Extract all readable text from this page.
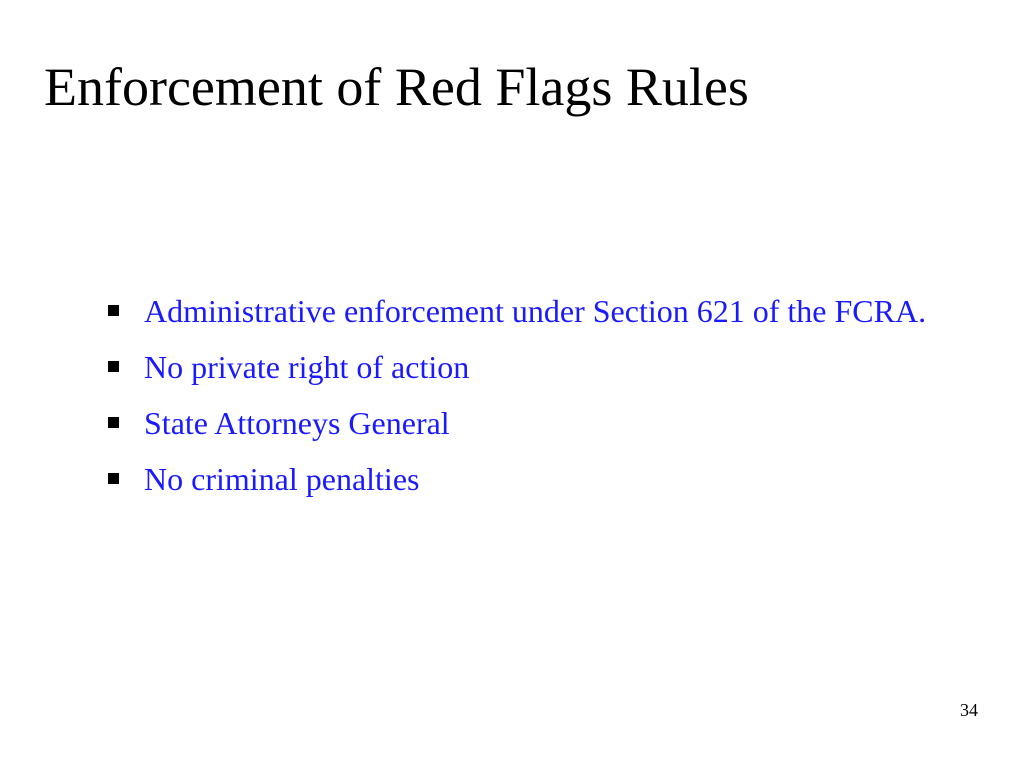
Enforcement of Red Flags Rules
Administrative enforcement under Section 621 of the FCRA.
No private right of action
State Attorneys General
No criminal penalties
34
